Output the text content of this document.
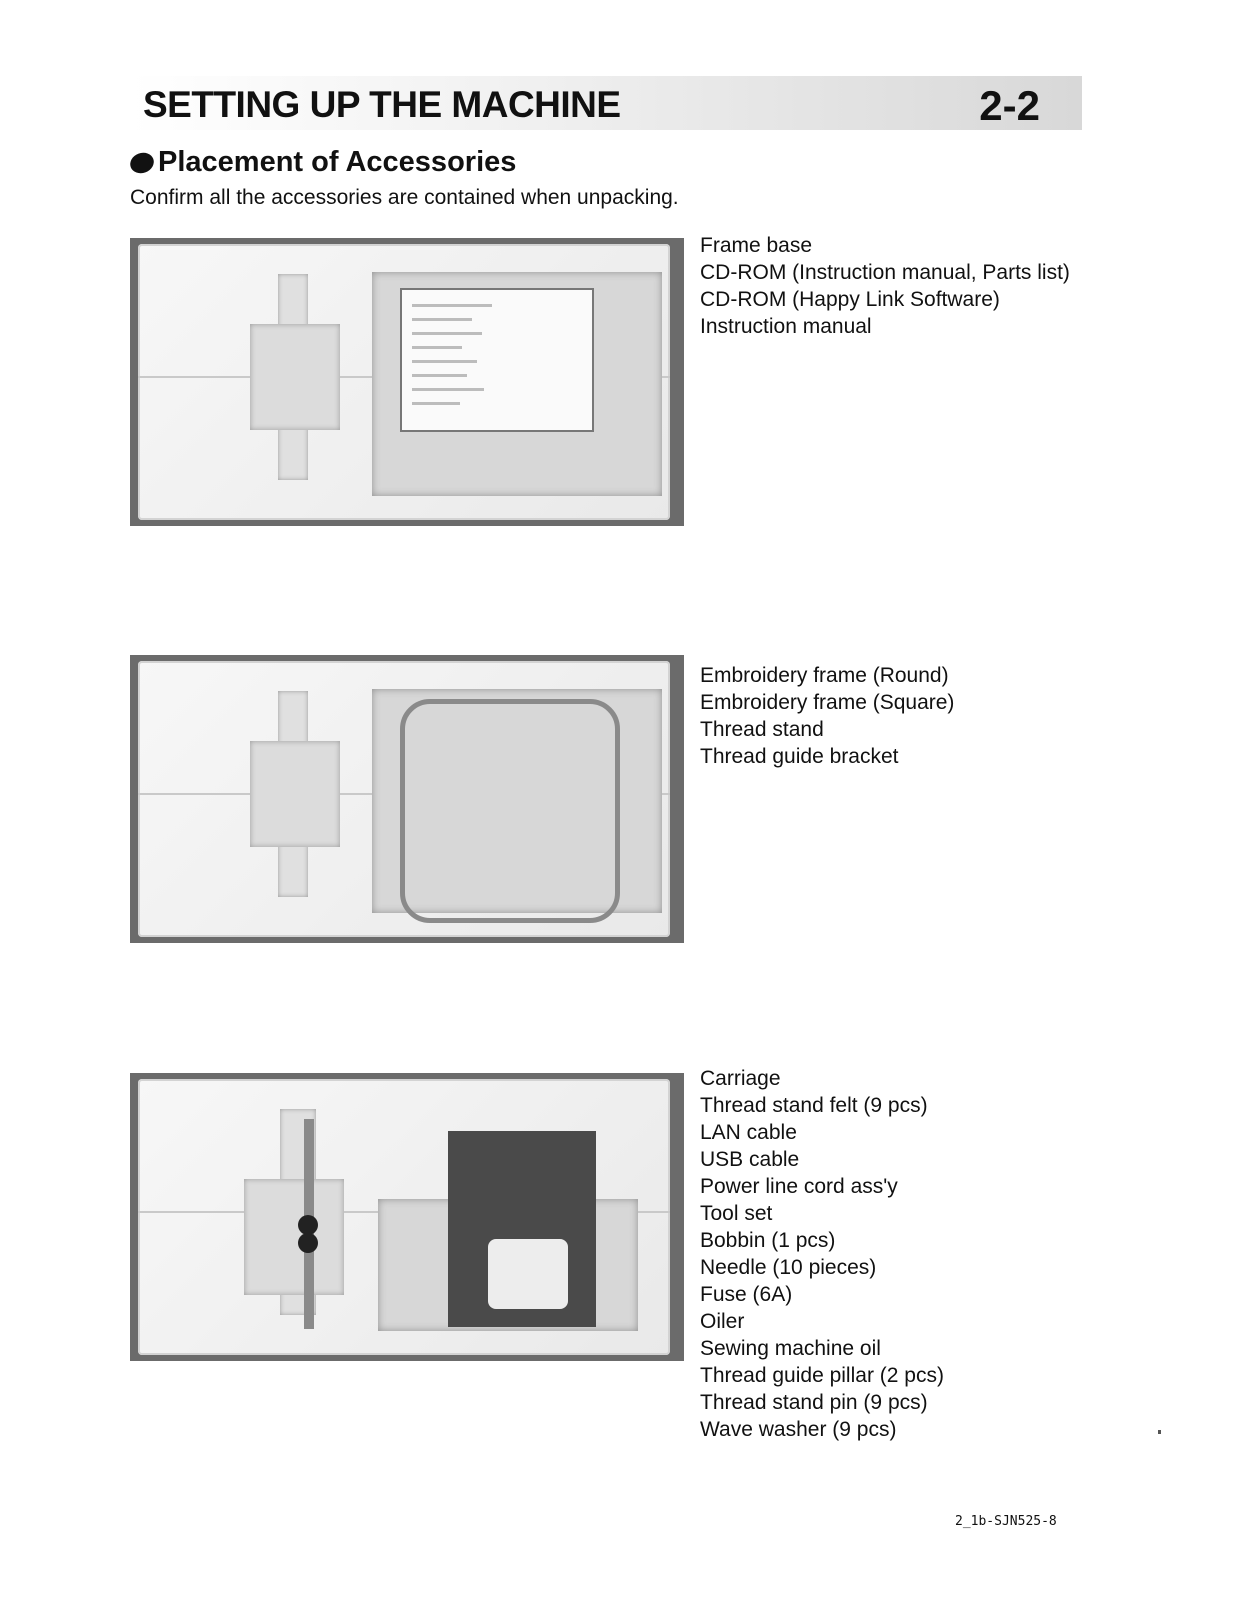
SETTING UP THE MACHINE	2-2
Placement of Accessories
Confirm all the accessories are contained when unpacking.
Frame base
CD-ROM (Instruction manual, Parts list)
CD-ROM (Happy Link Software)
Instruction manual
Embroidery frame (Round)
Embroidery frame (Square)
Thread stand
Thread guide bracket
Carriage
Thread stand felt (9 pcs)
LAN cable
USB cable
Power line cord ass'y
Tool set
Bobbin (1 pcs)
Needle (10 pieces)
Fuse (6A)
Oiler
Sewing machine oil
Thread guide pillar (2 pcs)
Thread stand pin (9 pcs)
Wave washer (9 pcs)
2_1b-SJN525-8
